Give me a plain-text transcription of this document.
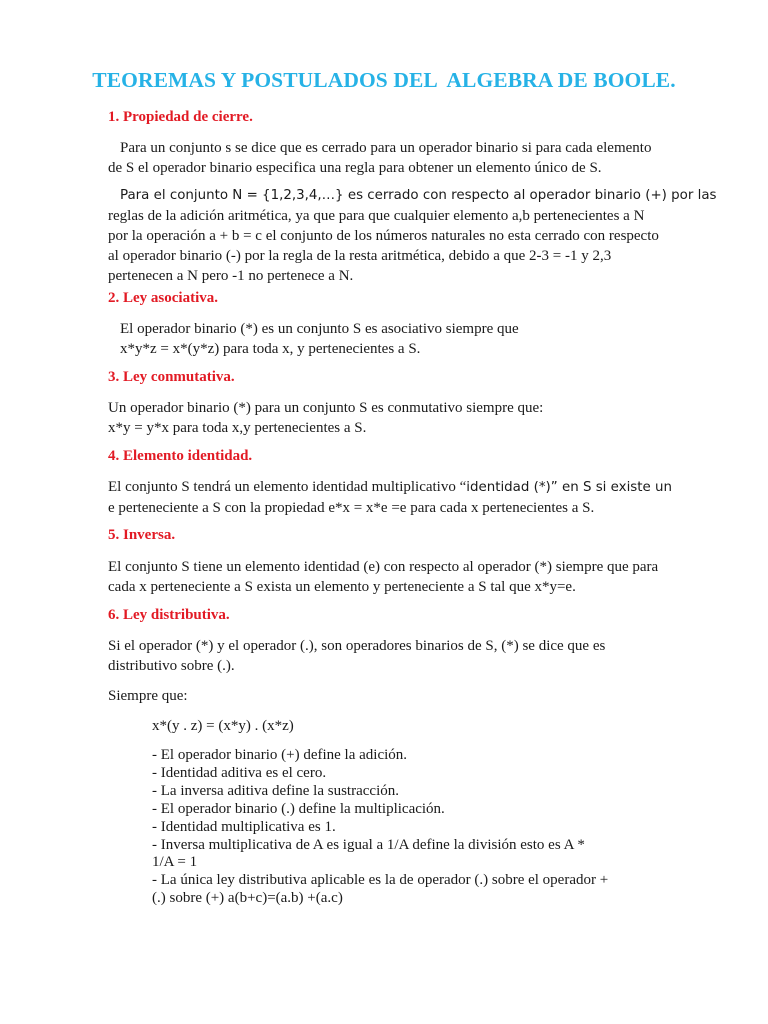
TEOREMAS Y POSTULADOS DEL  ALGEBRA DE BOOLE.
1. Propiedad de cierre.
Para un conjunto s se dice que es cerrado para un operador binario si para cada elemento
de S el operador binario especifica una regla para obtener un elemento único de S.
Para el conjunto N = {1,2,3,4,…} es cerrado con respecto al operador binario (+) por las
reglas de la adición aritmética, ya que para que cualquier elemento a,b pertenecientes a N
por la operación a + b = c el conjunto de los números naturales no esta cerrado con respecto
al operador binario (-) por la regla de la resta aritmética, debido a que 2-3 = -1 y 2,3
pertenecen a N pero -1 no pertenece a N.
2. Ley asociativa.
El operador binario (*) es un conjunto S es asociativo siempre que
x*y*z = x*(y*z) para toda x, y pertenecientes a S.
3. Ley conmutativa.
Un operador binario (*) para un conjunto S es conmutativo siempre que:
x*y = y*x para toda x,y pertenecientes a S.
4. Elemento identidad.
El conjunto S tendrá un elemento identidad multiplicativo “identidad (*)” en S si existe un
e perteneciente a S con la propiedad e*x = x*e =e para cada x pertenecientes a S.
5. Inversa.
El conjunto S tiene un elemento identidad (e) con respecto al operador (*) siempre que para
cada x perteneciente a S exista un elemento y perteneciente a S tal que x*y=e.
6. Ley distributiva.
Si el operador (*) y el operador (.), son operadores binarios de S, (*) se dice que es
distributivo sobre (.).
Siempre que:
x*(y . z) = (x*y) . (x*z)
- El operador binario (+) define la adición.
- Identidad aditiva es el cero.
- La inversa aditiva define la sustracción.
- El operador binario (.) define la multiplicación.
- Identidad multiplicativa es 1.
- Inversa multiplicativa de A es igual a 1/A define la división esto es A *
1/A = 1
- La única ley distributiva aplicable es la de operador (.) sobre el operador +
(.) sobre (+) a(b+c)=(a.b) +(a.c)
